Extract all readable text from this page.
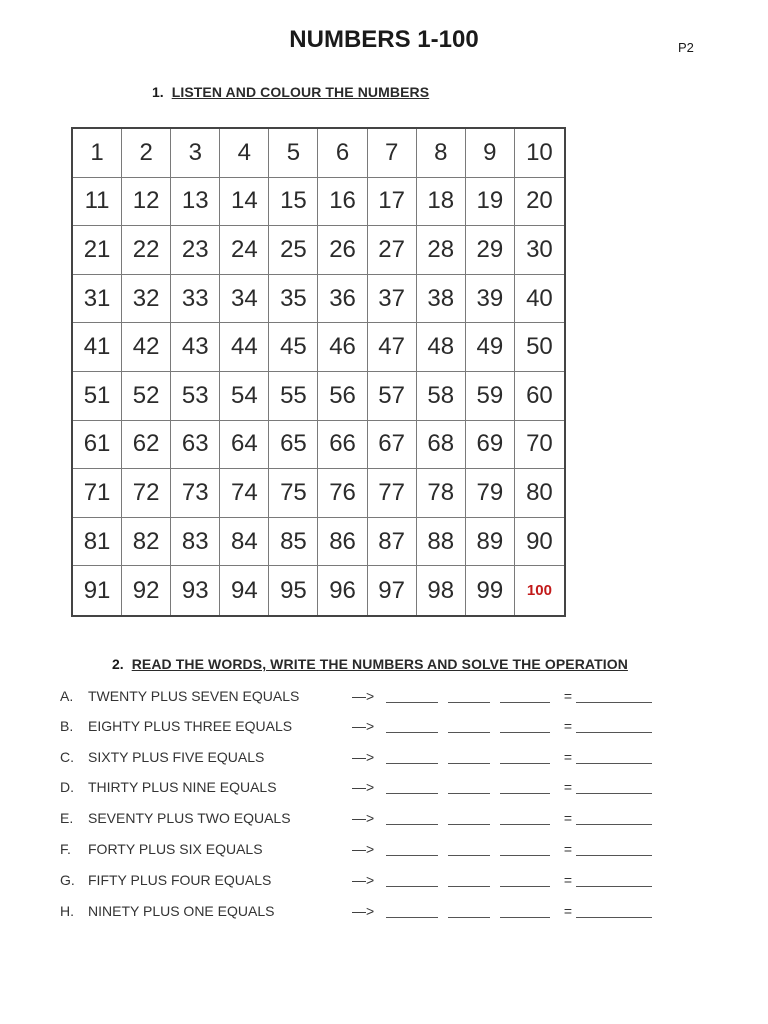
NUMBERS 1-100	P2
1. LISTEN AND COLOUR THE NUMBERS
1	2	3	4	5	6	7	8	9	10
11 12 13 14 15 16 17 18 19 20
21 22 23 24 25 26 27 28 29 30
31 32 33 34 35 36 37 38 39 40
41 42 43 44 45 46 47 48 49 50
51 52 53 54 55 56 57 58 59 60
61 62 63 64 65 66 67 68 69 70
71 72 73 74 75 76 77 78 79 80
81 82 83 84 85 86 87 88 89 90
91 92 93 94 95 96 97 98 99	100
2. READ THE WORDS, WRITE THE NUMBERS AND SOLVE THE OPERATION
A.	TWENTY PLUS SEVEN EQUALS	—>	=
B.	EIGHTY PLUS THREE EQUALS	—>	=
C.	SIXTY PLUS FIVE EQUALS	—>	=
D.	THIRTY PLUS NINE EQUALS	—>	=
E.	SEVENTY PLUS TWO EQUALS	—>	=
F.	FORTY PLUS SIX EQUALS	—>	=
G. FIFTY PLUS FOUR EQUALS	—>	=
H.	NINETY PLUS ONE EQUALS	—>	=
